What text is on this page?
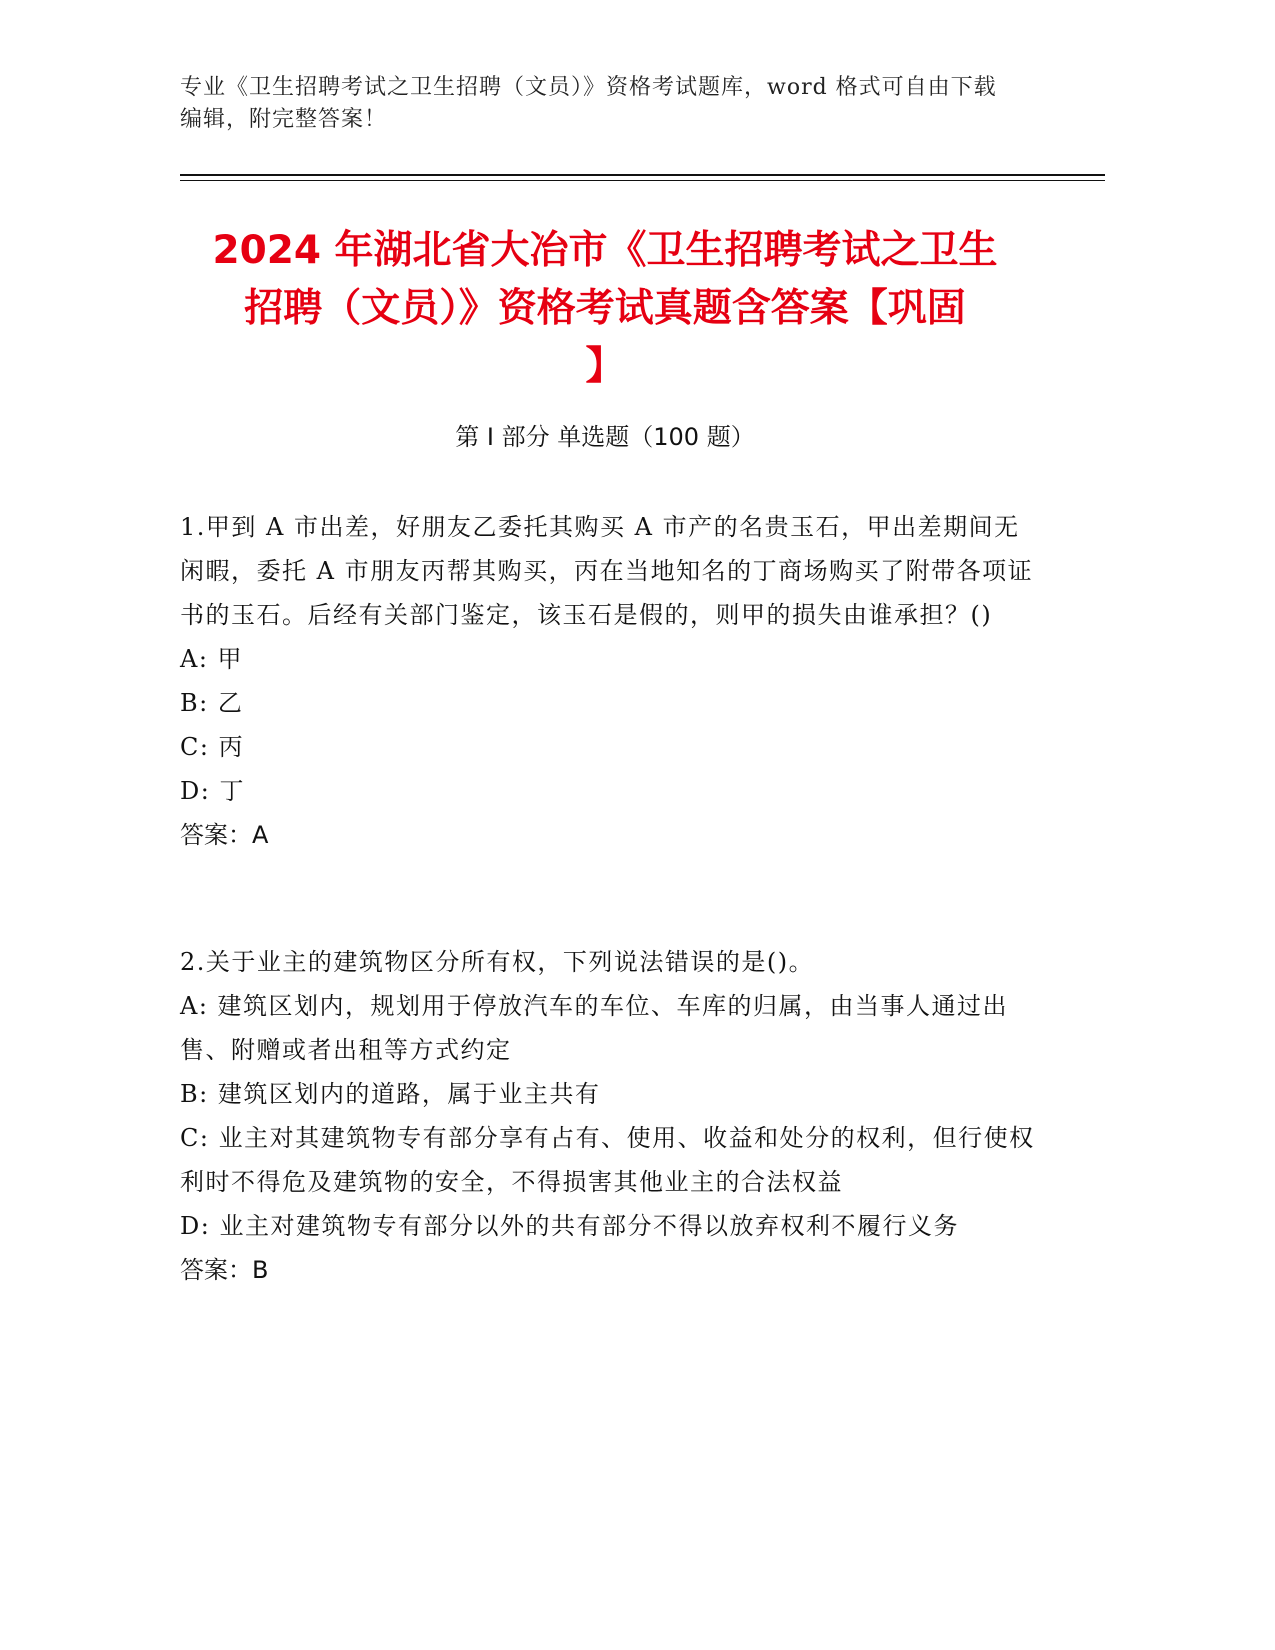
专业《卫生招聘考试之卫生招聘（文员）》资格考试题库，word 格式可自由下载
编辑，附完整答案！
2024 年湖北省大冶市《卫生招聘考试之卫生
招聘（文员）》资格考试真题含答案【巩固
】
第 I 部分 单选题（100 题）

1.甲到 A 市出差，好朋友乙委托其购买 A 市产的名贵玉石，甲出差期间无闲暇，委托 A 市朋友丙帮其购买，丙在当地知名的丁商场购买了附带各项证书的玉石。后经有关部门鉴定，该玉石是假的，则甲的损失由谁承担？()

A: 甲

B: 乙

C: 丙

D: 丁

答案：A

2.关于业主的建筑物区分所有权，下列说法错误的是()。

A: 建筑区划内，规划用于停放汽车的车位、车库的归属，由当事人通过出售、附赠或者出租等方式约定

B: 建筑区划内的道路，属于业主共有

C: 业主对其建筑物专有部分享有占有、使用、收益和处分的权利，但行使权利时不得危及建筑物的安全，不得损害其他业主的合法权益

D: 业主对建筑物专有部分以外的共有部分不得以放弃权利不履行义务

答案：B
